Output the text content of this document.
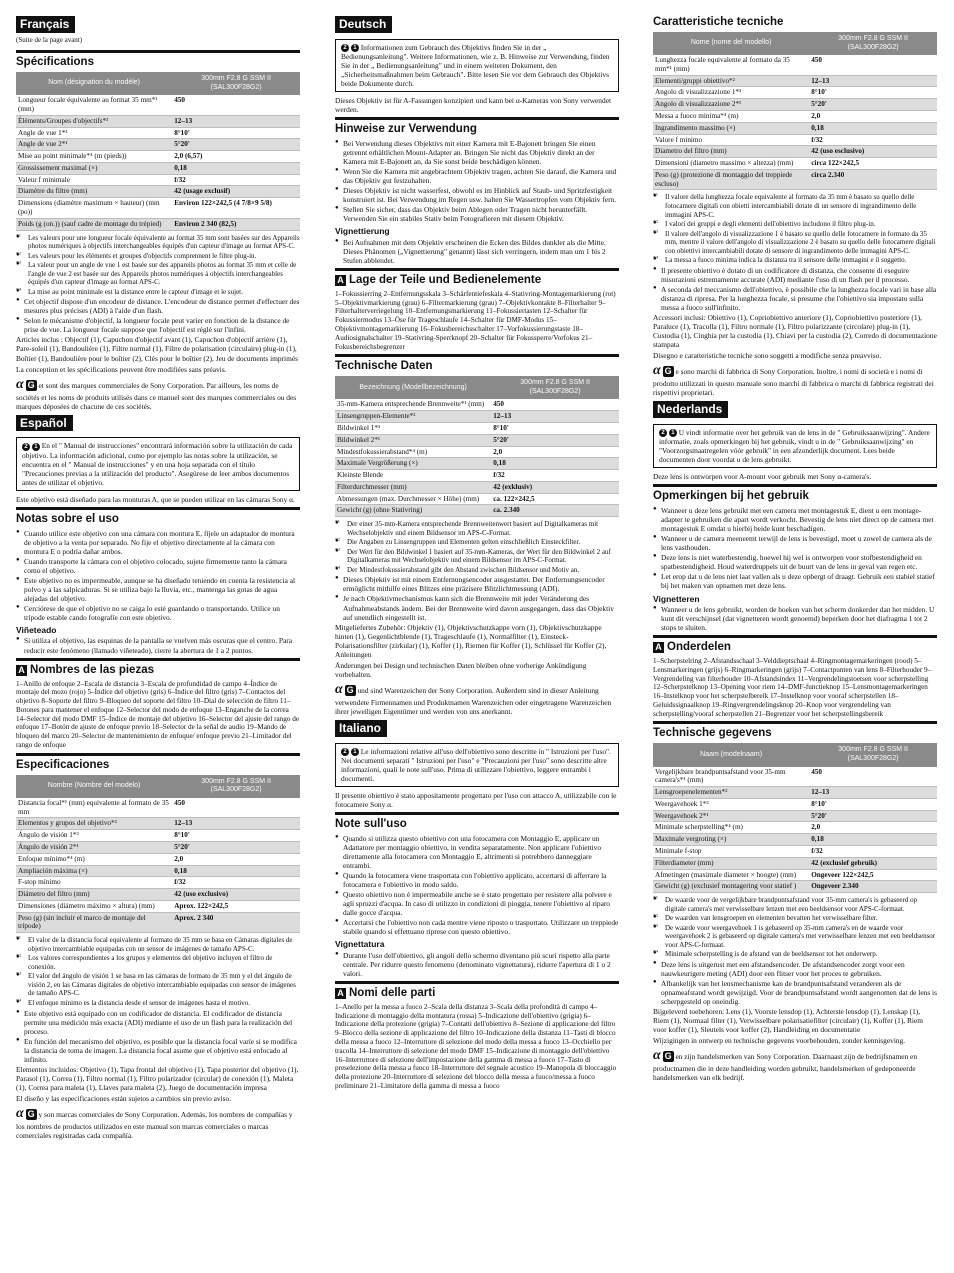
Français
(Suite de la page avant)
Spécifications
Nom (désignation du modèle)	300mm F2.8 G SSM II
(SAL300F28G2)
Longueur focale équivalente au format 35 mm*¹ (mm)	450
Éléments/Groupes d'objectifs*²	12–13
Angle de vue 1*³	8°10'
Angle de vue 2*¹	5°20'
Mise au point minimale*⁴ (m (pieds))	2,0 (6,57)
Grossissement maximal (×)	0,18
Valeur f minimale	f/32
Diamètre du filtre (mm)	42 (usage exclusif)
Dimensions (diamètre maximum × hauteur) (mm (po))	Environ 122×242,5 (4 7/8×9 5/8)
Poids (g (on.)) (sauf cadre de montage du trépied)	Environ 2 340 (82,5)
● *¹ Les valeurs pour une longueur focale équivalente au format 35 mm sont basées sur des Appareils photos numériques à objectifs interchangeables équipés d'un capteur d'image au format APS-C.
● *² Les valeurs pour les éléments et groupes d'objectifs comprennent le filtre plug-in.
● *³ La valeur pour un angle de vue 1 est basée sur des appareils photos au format 35 mm et celle de l'angle de vue 2 est basée sur des Appareils photos numériques à objectifs interchangeables équipés d'un capteur d'image au format APS-C.
● *⁴ La mise au point minimale est la distance entre le capteur d'image et le sujet.
● Cet objectif dispose d'un encodeur de distance. L'encodeur de distance permet d'effectuer des mesures plus précises (ADI) à l'aide d'un flash.
● Selon le mécanisme d'objectif, la longueur focale peut varier en fonction de la distance de prise de vue. La longueur focale suppose que l'objectif est réglé sur l'infini.

Articles inclus : Objectif (1), Capuchon d'objectif avant (1), Capuchon d'objectif arrière (1), Pare-soleil (1), Bandoulière (1), Filtre normal (1), Filtre de polarisation (circulaire) plug-in (1), Boîtier (1), Bandoulière pour le boîtier (2), Clés pour le boîtier (2), Jeu de documents imprimés

La conception et les spécifications peuvent être modifiées sans préavis.

α G et sont des marques commerciales de Sony Corporation. Par ailleurs, les noms de sociétés et les noms de produits utilisés dans ce manuel sont des marques commerciales ou des marques déposées de chacune de ces sociétés.

Español
2 1 En el " Manual de instrucciones" encontrará información sobre la utilización de cada objetivo. La información adicional, como por ejemplo las notas sobre la utilización, se encuentra en el " Manual de instrucciones" y en una hoja separada con el título "Precauciones previas a la utilización del producto". Asegúrese de leer ambos documentos antes de utilizar el objetivo.

Este objetivo está diseñado para las monturas A, que se pueden utilizar en las cámaras Sony α.

Notas sobre el uso
● Cuando utilice este objetivo con una cámara con montura E, fíjele un adaptador de montura de objetivo a la venta por separado. No fije el objetivo directamente al la cámara con montura E o podría dañar ambos.
● Cuando transporte la cámara con el objetivo colocado, sujete firmemente tanto la cámara como el objetivo.
● Este objetivo no es impermeable, aunque se ha diseñado teniendo en cuenta la resistencia al polvo y a las salpicaduras. Si se utiliza bajo la lluvia, etc., mantenga las gotas de agua alejadas del objetivo.
● Cerciórese de que el objetivo no se caiga lo esté guardando o transportando. Utilice un trípode estable cando fotografíe con este objetivo.
Viñeteado
● Si utiliza el objetivo, las esquinas de la pantalla se vuelven más oscuras que el centro. Para reducir este fenómeno (llamado viñeteado), cierre la abertura de 1 a 2 puntos.
A Nombres de las piezas
1–Anillo de enfoque 2–Escala de distancia 3–Escala de profundidad de campo 4–Índice de montaje del mozo (rojo) 5–Índice del objetivo (gris) 6–Índice del filtro (gris) 7–Contactos del objetivo 8–Soporte del filtro 9–Bloqueo del soporte del filtro 10–Dial de selección de filtro 11–Botones para mantener el enfoque 12–Selector del modo de enfoque 13–Enganche de la correa 14–Selector del modo DMF 15–Índice de montaje del objetivo 16–Selector del ajuste del rango de enfoque 17–Botón de ajuste de enfoque previo 18–Selector de la señal de audio 19–Mando de bloqueo del marco 20–Selector de mantenimiento de enfoque/ enfoque previo 21–Limitador del rango de enfoque
Especificaciones
Nombre (Nombre del modelo)	300mm F2.8 G SSM II
(SAL300F28G2)
Distancia focal*¹ (mm) equivalente al formato de 35 mm	450
Elementos y grupos del objetivo*²	12–13
Ángulo de visión 1*³	8°10'
Ángulo de visión 2*¹	5°20'
Enfoque mínimo*⁴ (m)	2,0
Ampliación máxima (×)	0,18
F-stop mínimo	f/32
Diámetro del filtro (mm)	42 (uso exclusivo)
Dimensiones (diámetro máximo × altura) (mm)	Aprox. 122×242,5
Peso (g) (sin incluir el marco de montaje del trípode)	Aprox. 2 340
● *¹ El valor de la distancia focal equivalente al formato de 35 mm se basa en Cámaras digitales de objetivo intercambiable equipadas con un sensor de imágenes de tamaño APS-C.
● *² Los valores correspondientes a los grupos y elementos del objetivo incluyen el filtro de conexión.
● *³ El valor del ángulo de visión 1 se basa en las cámaras de formato de 35 mm y el del ángulo de visión 2, en las Cámaras digitales de objetivo intercambiable equipadas con sensor de imágenes de tamaño APS-C.
● *⁴ El enfoque mínimo es la distancia desde el sensor de imágenes hasta el motivo.
● Este objetivo está equipado con un codificador de distancia. El codificador de distancia permite una medición más exacta (ADI) mediante el uso de un flash para la realización del proceso.
● En función del mecanismo del objetivo, es posible que la distancia focal varíe si se modifica la distancia de toma de imagen. La distancia focal asume que el objetivo está enfocado al infinito.

Elementos incluidos: Objetivo (1), Tapa frontal del objetivo (1), Tapa posterior del objetivo (1), Parasol (1), Correa (1), Filtro normal (1), Filtro polarizador (circular) de conexión (1), Maleta (1), Correa para maleta (1), Llaves para maleta (2), Juego de documentación impresa

El diseño y las especificaciones están sujetos a cambios sin previo aviso.

α G y son marcas comerciales de Sony Corporation. Además, los nombres de compañías y los nombres de productos utilizados en este manual son marcas comerciales o marcas comerciales registradas cada compañía.

Deutsch
2 1 Informationen zum Gebrauch des Objektivs finden Sie in der „ Bedienungsanleitung". Weitere Informationen, wie z. B. Hinweise zur Verwendung, finden Sie in der „ Bedienungsanleitung" und in einem weiteren Dokument, den „Sicherheitsmaßnahmen beim Gebrauch". Bitte lesen Sie vor dem Gebrauch des Objektivs beide Dokumente durch.

Dieses Objektiv ist für A-Fassungen konzipiert und kann bei α-Kameras von Sony verwendet werden.

Hinweise zur Verwendung
● Bei Verwendung dieses Objektivs mit einer Kamera mit E-Bajonett bringen Sie einen getrennt erhältlichen Mount-Adapter an. Bringen Sie nicht das Objektiv direkt an der Kamera mit E-Bajonett an, da Sie sonst beide beschädigen können.
● Wenn Sie die Kamera mit angebrachtem Objektiv tragen, achten Sie darauf, die Kamera und das Objektiv gut festzuhalten.
● Dieses Objektiv ist nicht wasserfest, obwohl es im Hinblick auf Staub- und Spritzfestigkeit konstruiert ist. Bei Verwendung im Regen usw. halten Sie Wassertropfen vom Objektiv fern.
● Stellen Sie sicher, dass das Objektiv beim Ablegen oder Tragen nicht herunterfällt. Verwenden Sie ein stabiles Stativ beim Fotografieren mit diesem Objektiv.
Vignettierung
● Bei Aufnahmen mit dem Objektiv erscheinen die Ecken des Bildes dunkler als die Mitte. Dieses Phänomen („Vignettierung" genannt) lässt sich verringern, indem man um 1 bis 2 Stufen abblendet.
A Lage der Teile und Bedienelemente
1–Fokussierring 2–Entfernungsskala 3–Schärfentiefeskala 4–Stativring-Montagemarkierung (rot) 5–Objektivmarkierung (grau) 6–Filtermarkierung (grau) 7–Objektivkontakte 8–Filterhalter 9–Filterhalterverriegelung 10–Entfernungsmarkierung 11–Fokussiertasten 12–Schalter für Fokussiermodus 13–Öse für Trageschlaufe 14–Schalter für DMF-Modus 15–Objektivmontagemarkierung 16–Fokusbereichsschalter 17–Vorfokussierungstaste 18–Audiosignalschalter 19–Stativring-Sperrknopf 20–Schalter für Fokussperre/Vorfokus 21–Fokusbereichsbegrenzer
Technische Daten
Bezeichnung (Modellbezeichnung)	300mm F2.8 G SSM II
(SAL300F28G2)
35-mm-Kamera entsprechende Brennweite*¹ (mm)	450
Linsengruppen-Elemente*²	12–13
Bildwinkel 1*³	8°10'
Bildwinkel 2*¹	5°20'
Mindestfokussierabstand*⁴ (m)	2,0
Maximale Vergrößerung (×)	0,18
Kleinste Blende	f/32
Filterdurchmesser (mm)	42 (exklusiv)
Abmessungen (max. Durchmesser × Höhe) (mm)	ca. 122×242,5
Gewicht (g) (ohne Stativring)	ca. 2.340
● *¹ Der einer 35-mm-Kamera entsprechende Brennweitenwert basiert auf Digitalkameras mit Wechselobjektiv und einem Bildsensor im APS-C-Format.
● *² Die Angaben zu Linsengruppen und Elementen gelten einschließlich Einsteckfilter.
● *³ Der Wert für den Bildwinkel 1 basiert auf 35-mm-Kameras, der Wert für den Bildwinkel 2 auf Digitalkameras mit Wechselobjektiv und einem Bildsensor im APS-C-Format.
● *⁴ Der Mindestfokussierabstand gibt den Abstand zwischen Bildsensor und Motiv an.
● Dieses Objektiv ist mit einem Entfernungsencoder ausgestattet. Der Entfernungsencoder ermöglicht mithilfe eines Blitzes eine präzisere Blitzlichtmessung (ADI).
● Je nach Objektivmechanismus kann sich die Brennweite mit jeder Veränderung des Aufnahmeabstands ändern. Bei der Brennweite wird davon ausgegangen, dass das Objektiv auf unendlich eingestellt ist.

Mitgeliefertes Zubehör: Objektiv (1), Objektivschutzkappe vorn (1), Objektivschutzkappe hinten (1), Gegenlichtblende (1), Trageschlaufe (1), Normalfilter (1), Einsteck-Polarisationsfilter (zirkular) (1), Koffer (1), Riemen für Koffer (1), Schlüssel für Koffer (2), Anleitungen

Änderungen bei Design und technischen Daten bleiben ohne vorherige Ankündigung vorbehalten.

α G und sind Warenzeichen der Sony Corporation. Außerdem sind in dieser Anleitung verwendete Firmennamen und Produktnamen Warenzeichen oder eingetragene Warenzeichen ihrer jeweiligen Eigentümer und werden von uns anerkannt.

Italiano
2 1 Le informazioni relative all'uso dell'obiettivo sono descritte in " Istruzioni per l'uso". Nei documenti separati " Istruzioni per l'uso" e "Precauzioni per l'uso" sono descritte altre informazioni, quali le note sull'uso. Prima di utilizzare l'obiettivo, leggere entrambi i documenti.

Il presente obiettivo è stato appositamente progettato per l'uso con attacco A, utilizzabile con le fotocamere Sony α.

Note sull'uso
● Quando si utilizza questo obiettivo con una fotocamera con Montaggio E, applicare un Adattatore per montaggio obiettivo, in vendita separatamente. Non applicare l'obiettivo direttamente alla fotocamera con Montaggio E, altrimenti si potrebbero danneggiare entrambi.
● Quando la fotocamera viene trasportata con l'obiettivo applicato, accertarsi di afferrare la fotocamera e l'obiettivo in modo saldo.
● Questo obiettivo non è impermeabile anche se è stato progettato per resistere alla polvere e agli spruzzi d'acqua. In caso di utilizzo in condizioni di pioggia, tenere l'obiettivo al riparo dalle gocce d'acqua.
● Accertarsi che l'obiettivo non cada mentre viene riposto o trasportato. Utilizzare un treppiede stabile quando si effettuano riprese con questo obiettivo.
Vignettatura
● Durante l'uso dell'obiettivo, gli angoli dello schermo diventano più scuri rispetto alla parte centrale. Per ridurre questo fenomeno (denominato vignettatura), ridurre l'apertura di 1 o 2 valori.
A Nomi delle parti
1–Anello per la messa a fuoco 2–Scala della distanza 3–Scala della profondità di campo 4–Indicazione di montaggio della montatura (rossa) 5–Indicazione dell'obiettivo (grigia) 6–Indicazione della protezione (grigia) 7–Contatti dell'obiettivo 8–Sezione di applicazione del filtro 9–Blocco della sezione di applicazione del filtro 10–Indicazione della distanza 11–Tasti di blocco della messa a fuoco 12–Interruttore di selezione del modo della messa a fuoco 13–Occhiello per tracolla 14–Interruttore di selezione del modo DMF 15–Indicazione di montaggio dell'obiettivo 16–Interruttore di selezione dell'impostazione della gamma di messa a fuoco 17–Tasto di preselezione della messa a fuoco 18–Interruttore del segnale acustico 19–Manopola di bloccaggio della protezione 20–Interruttore di selezione del blocco della messa a fuoco/messa a fuoco preliminare 21–Limitatore della gamma di messa a fuoco
Caratteristiche tecniche
Nome (nome del modello)	300mm F2.8 G SSM II
(SAL300F28G2)
Lunghezza focale equivalente al formato da 35 mm*¹ (mm)	450
Elementi/gruppi obiettivo*²	12–13
Angolo di visualizzazione 1*³	8°10'
Angolo di visualizzazione 2*¹	5°20'
Messa a fuoco minima*⁴ (m)	2,0
Ingrandimento massimo (×)	0,18
Valore f minimo	f/32
Diametro del filtro (mm)	42 (uso esclusivo)
Dimensioni (diametro massimo × altezza) (mm)	circa 122×242,5
Peso (g) (protezione di montaggio del treppiede escluso)	circa 2.340
● *¹ Il valore della lunghezza focale equivalente al formato da 35 mm è basato su quello delle fotocamere digitali con obietti intercambiabili dotate di un sensore di ingrandimento delle immagini APS-C.
● *² I valori dei gruppi e degli elementi dell'obiettivo includono il filtro plug-in.
● *³ Il valore dell'angolo di visualizzazione 1 è basato su quello delle fotocamere in formato da 35 mm, mentre il valore dell'angolo di visualizzazione 2 è basato su quello delle fotocamere digitali con obiettivi intercambiabili dotate di sensore di ingrandimento delle immagini APS-C.
● *⁴ La messa a fuoco minima indica la distanza tra il sensore delle immagini e il soggetto.
● Il presente obiettivo è dotato di un codificatore di distanza, che consente di eseguire misurazioni estremamente accurate (ADI) mediante l'uso di un flash per il processo.
● A seconda del meccanismo dell'obiettivo, è possibile che la lunghezza focale vari in base alla distanza di ripresa. Per la lunghezza focale, si presume che l'obiettivo sia impostato sulla messa a fuoco sull'infinito.

Accessori inclusi: Obiettivo (1), Copriobiettivo anteriore (1), Copriobiettivo posteriore (1), Paraluce (1), Tracolla (1), Filtro normale (1), Filtro polarizzante (circolare) plug-in (1), Custodia (1), Cinghia per la custodia (1), Chiavi per la custodia (2), Corredo di documentazione stampata

Disegno e caratteristiche tecniche sono soggetti a modifiche senza preavviso.

α G e sono marchi di fabbrica di Sony Corporation. Inoltre, i nomi di società e i nomi di prodotto utilizzati in questo manuale sono marchi di fabbrica o marchi di fabbrica registrati dei rispettivi proprietari.

Nederlands
2 1 U vindt informatie over het gebruik van de lens in de " Gebruiksaanwijzing". Andere informatie, zoals opmerkingen bij het gebruik, vindt u in de " Gebruiksaanwijzing" en "Voorzorgsmaatregelen vóór gebruik" in een afzonderlijk document. Lees beide documenten door voordat u de lens gebruikt.

Deze lens is ontworpen voor A-mount voor gebruik met Sony α-camera's.

Opmerkingen bij het gebruik
● Wanneer u deze lens gebruikt met een camera met montagestuk E, dient u een montage-adapter te gebruiken die apart wordt verkocht. Bevestig de lens niet direct op de camera met montagestuk E omdat u hierbij beide kunt beschadigen.
● Wanneer u de camera meeneemt terwijl de lens is bevestigd, moet u zowel de camera als de lens vasthouden.
● Deze lens is niet waterbestendig, hoewel hij wel is ontworpen voor stofbestendigheid en spatbestendigheid. Houd waterdruppels uit de buurt van de lens in geval van regen etc.
● Let erop dat u de lens niet laat vallen als u deze opbergt of draagt. Gebruik een stabiel statief bij het maken van opnamen met deze lens.
Vignetteren
● Wanneer u de lens gebruikt, worden de hoeken van het scherm donkerder dan het midden. U kunt dit verschijnsel (dat vignetteren wordt genoemd) beperken door het diafragma 1 tot 2 stops te sluiten.
A Onderdelen
1–Scherpstelring 2–Afstandsschaal 3–Velddieptschaal 4–Ringmontagemarkeringen (rood) 5–Lensmarkeringen (grijs) 6–Ringmarkeringen (grijs) 7–Contactpunten van lens 8–Filterhouder 9–Vergrendeling van filterhouder 10–Afstandsindex 11–Vergrendelingstoetsen voor scherpstelling 12–Scherpstelknop 13–Opening voor riem 14–DMF-functieknop 15–Lensmontagemarkeringen 16–Instelknop voor het scherpstelbereik 17–Instelknop voor vooraf scherpstellen 18–Geluidssignaalknop 19–Ringvergrendelingsknop 20–Knop voor vergrendeling van scherpstelling/vooraf scherpstellen 21–Begrenzer voor het scherpstellingsbereik
Technische gegevens
Naam (modelnaam)	300mm F2.8 G SSM II
(SAL300F28G2)
Vergelijkbare brandpuntsafstand voor 35-mm camera's*¹ (mm)	450
Lensgroepenelementen*²	12–13
Weergavehoek 1*³	8°10'
Weergavehoek 2*¹	5°20'
Minimale scherpstelling*⁴ (m)	2,0
Maximale vergroting (×)	0,18
Minimale f-stop	f/32
Filterdiameter (mm)	42 (exclusief gebruik)
Afmetingen (maximale diameter × hoogte) (mm)	Ongeveer 122×242,5
Gewicht (g) (exclusief montagering voor statief )	Ongeveer 2.340
● *¹ De waarde voor de vergelijkbare brandpuntsafstand voor 35-mm camera's is gebaseerd op digitale camera's met verwisselbare lenzen met een beeldsensor voor APS-C-formaat.
● *² De waarden van lensgroepen en elementen bevatten het verwisselbare filter.
● *³ De waarde voor weergavehoek 1 is gebaseerd op 35-mm camera's en de waarde voor weergavehoek 2 is gebaseerd op digitale camera's met verwisselbare lenzen met een beeldsensor voor APS-C-formaat.
● *⁴ Minimale scherpstelling is de afstand van de beeldsensor tot het onderwerp.
● Deze lens is uitgerust met een afstandsencoder. De afstandsencoder zorgt voor een nauwkeurigere meting (ADI) door een flitser voor het proces te gebruiken.
● Afhankelijk van het lensmechanisme kan de brandpuntsafstand veranderen als de opnameafstand wordt gewijzigd. Voor de brandpuntsafstand wordt aangenomen dat de lens is scherpgesteld op oneindig.

Bijgeleverd toebehoren: Lens (1), Voorste lensdop (1), Achterste lensdop (1), Lenskap (1), Riem (1), Normaal filter (1), Verwisselbare polarisatiefilter (circulair) (1), Koffer (1), Riem voor koffer (1), Sleutels voor koffer (2), Handleiding en documentatie

Wijzigingen in ontwerp en technische gegevens voorbehouden, zonder kennisgeving.

α G en zijn handelsmerken van Sony Corporation. Daarnaast zijn de bedrijfsnamen en productnamen die in deze handleiding worden gebruikt, handelsmerken of gedeponeerde handelsmerken van elk bedrijf.
